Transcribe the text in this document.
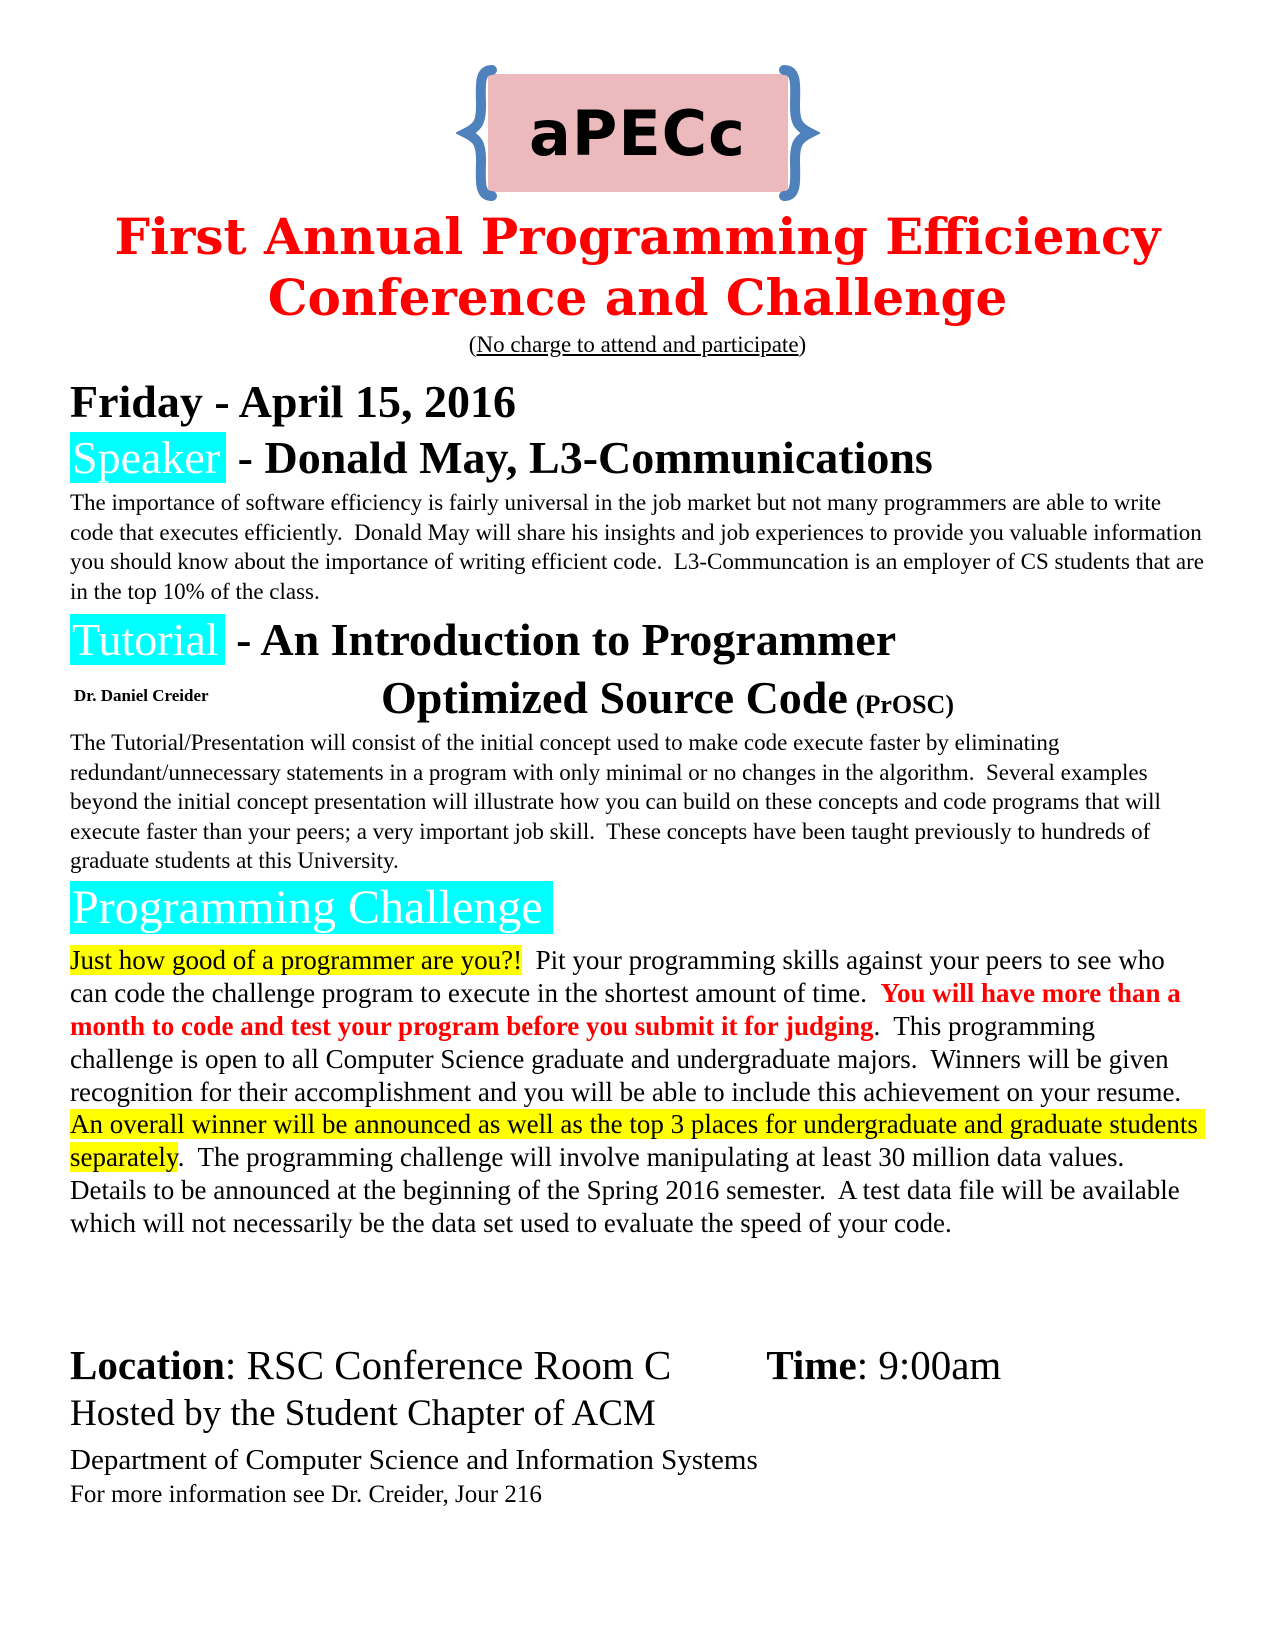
aPECc
First Annual Programming Efficiency
Conference and Challenge
(No charge to attend and participate)
Friday - April 15, 2016
Speaker - Donald May, L3-Communications
The importance of software efficiency is fairly universal in the job market but not many programmers are able to write code that executes efficiently.  Donald May will share his insights and job experiences to provide you valuable information you should know about the importance of writing efficient code.  L3-Communcation is an employer of CS students that are in the top 10% of the class.
Tutorial - An Introduction to Programmer
Dr. Daniel Creider	Optimized Source Code (PrOSC)
The Tutorial/Presentation will consist of the initial concept used to make code execute faster by eliminating redundant/unnecessary statements in a program with only minimal or no changes in the algorithm.  Several examples beyond the initial concept presentation will illustrate how you can build on these concepts and code programs that will execute faster than your peers; a very important job skill.  These concepts have been taught previously to hundreds of graduate students at this University.
Programming Challenge
Just how good of a programmer are you?!  Pit your programming skills against your peers to see who can code the challenge program to execute in the shortest amount of time.  You will have more than a month to code and test your program before you submit it for judging.  This programming challenge is open to all Computer Science graduate and undergraduate majors.  Winners will be given recognition for their accomplishment and you will be able to include this achievement on your resume.  An overall winner will be announced as well as the top 3 places for undergraduate and graduate students separately.  The programming challenge will involve manipulating at least 30 million data values.  Details to be announced at the beginning of the Spring 2016 semester.  A test data file will be available which will not necessarily be the data set used to evaluate the speed of your code.
Location: RSC Conference Room C Time: 9:00am
Hosted by the Student Chapter of ACM
Department of Computer Science and Information Systems
For more information see Dr. Creider, Jour 216
